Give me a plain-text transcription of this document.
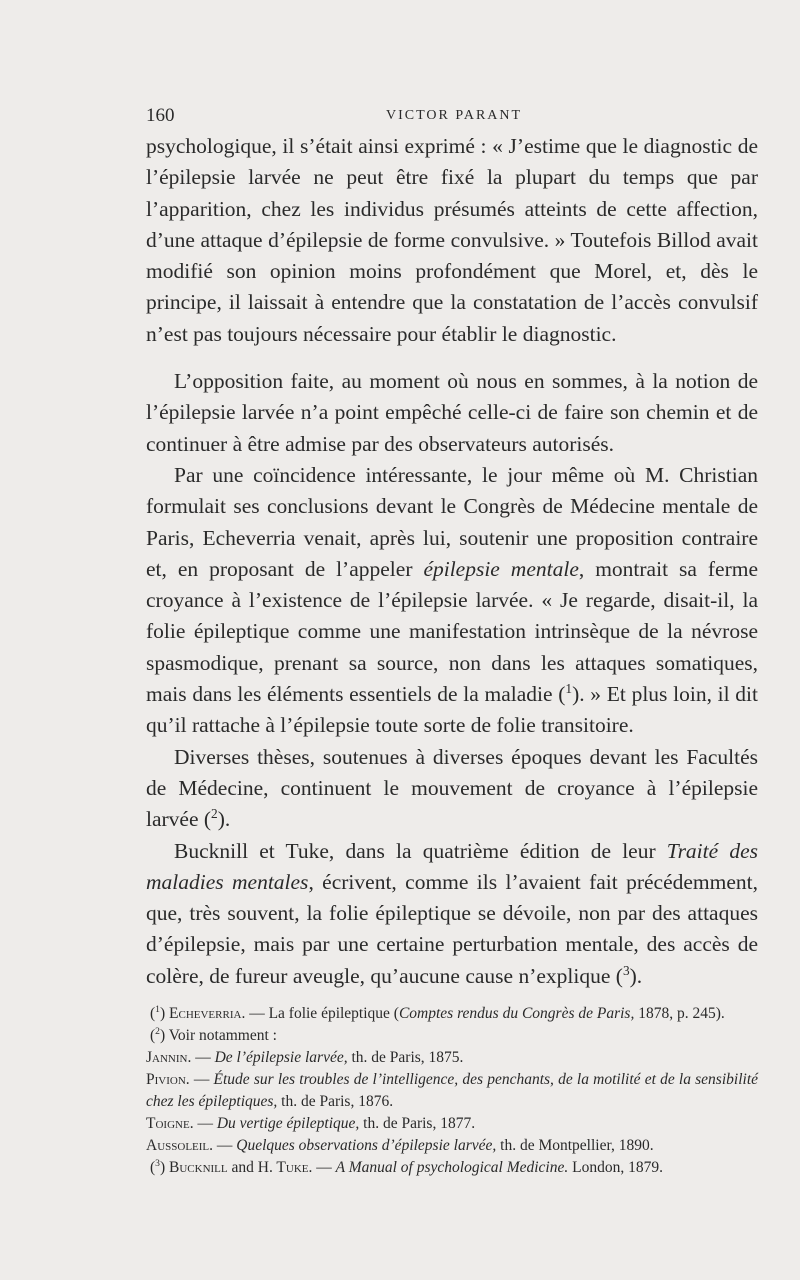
160	VICTOR PARANT

psychologique, il s’était ainsi exprimé : « J’estime que le diagnostic de l’épilepsie larvée ne peut être fixé la plupart du temps que par l’apparition, chez les individus présumés atteints de cette affection, d’une attaque d’épilepsie de forme convulsive. » Toutefois Billod avait modifié son opinion moins profondément que Morel, et, dès le principe, il laissait à entendre que la constatation de l’accès convulsif n’est pas toujours nécessaire pour établir le diagnostic.

L’opposition faite, au moment où nous en sommes, à la notion de l’épilepsie larvée n’a point empêché celle-ci de faire son chemin et de continuer à être admise par des observateurs autorisés.

Par une coïncidence intéressante, le jour même où M. Christian formulait ses conclusions devant le Congrès de Médecine mentale de Paris, Echeverria venait, après lui, soutenir une proposition contraire et, en proposant de l’appeler épilepsie mentale, montrait sa ferme croyance à l’existence de l’épilepsie larvée. « Je regarde, disait-il, la folie épileptique comme une manifestation intrinsèque de la névrose spasmodique, prenant sa source, non dans les attaques somatiques, mais dans les éléments essentiels de la maladie ($^1$). » Et plus loin, il dit qu’il rattache à l’épilepsie toute sorte de folie transitoire.

Diverses thèses, soutenues à diverses époques devant les Facultés de Médecine, continuent le mouvement de croyance à l’épilepsie larvée ($^2$).

Bucknill et Tuke, dans la quatrième édition de leur Traité des maladies mentales, écrivent, comme ils l’avaient fait précédemment, que, très souvent, la folie épileptique se dévoile, non par des attaques d’épilepsie, mais par une certaine perturbation mentale, des accès de colère, de fureur aveugle, qu’aucune cause n’explique ($^3$).

($^1$) Echeverria. — La folie épileptique (Comptes rendus du Congrès de Paris, 1878, p. 245).

($^2$) Voir notamment :

Jannin. — De l’épilepsie larvée, th. de Paris, 1875.

Pivion. — Étude sur les troubles de l’intelligence, des penchants, de la motilité et de la sensibilité chez les épileptiques, th. de Paris, 1876.

Toigne. — Du vertige épileptique, th. de Paris, 1877.

Aussoleil. — Quelques observations d’épilepsie larvée, th. de Montpellier, 1890.

($^3$) Bucknill and H. Tuke. — A Manual of psychological Medicine. London, 1879.
